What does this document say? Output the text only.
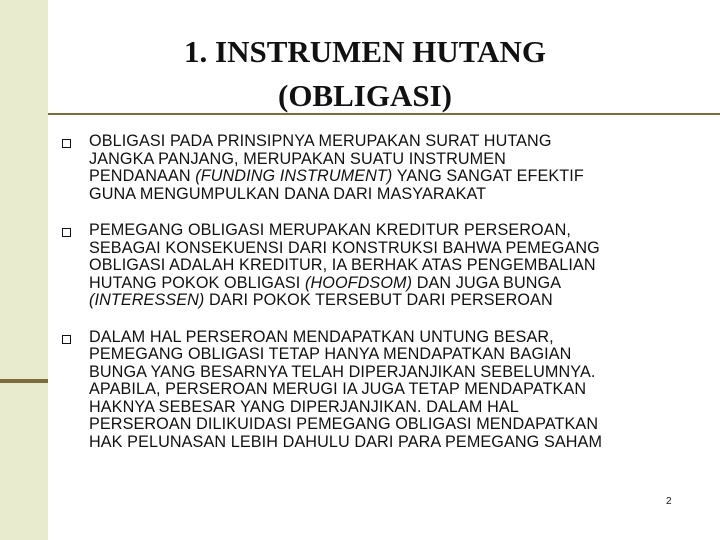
1. INSTRUMEN HUTANG
(OBLIGASI)
OBLIGASI PADA PRINSIPNYA MERUPAKAN SURAT HUTANG
JANGKA PANJANG, MERUPAKAN SUATU INSTRUMEN
PENDANAAN (FUNDING INSTRUMENT) YANG SANGAT EFEKTIF
GUNA MENGUMPULKAN DANA DARI MASYARAKAT
PEMEGANG OBLIGASI MERUPAKAN KREDITUR PERSEROAN,
SEBAGAI KONSEKUENSI DARI KONSTRUKSI BAHWA PEMEGANG
OBLIGASI ADALAH KREDITUR, IA BERHAK ATAS PENGEMBALIAN
HUTANG POKOK OBLIGASI (HOOFDSOM) DAN JUGA BUNGA
(INTERESSEN) DARI POKOK TERSEBUT DARI PERSEROAN
DALAM HAL PERSEROAN MENDAPATKAN UNTUNG BESAR,
PEMEGANG OBLIGASI TETAP HANYA MENDAPATKAN BAGIAN
BUNGA YANG BESARNYA TELAH DIPERJANJIKAN SEBELUMNYA.
APABILA, PERSEROAN MERUGI IA JUGA TETAP MENDAPATKAN
HAKNYA SEBESAR YANG DIPERJANJIKAN. DALAM HAL
PERSEROAN DILIKUIDASI PEMEGANG OBLIGASI MENDAPATKAN
HAK PELUNASAN LEBIH DAHULU DARI PARA PEMEGANG SAHAM
2
